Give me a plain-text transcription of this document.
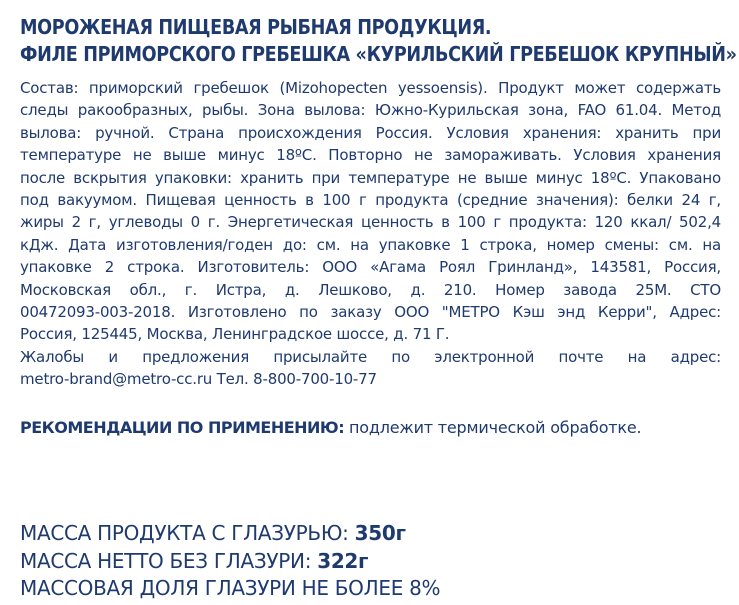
МОРОЖЕНАЯ ПИЩЕВАЯ РЫБНАЯ ПРОДУКЦИЯ.
ФИЛЕ ПРИМОРСКОГО ГРЕБЕШКА «КУРИЛЬСКИЙ ГРЕБЕШОК КРУПНЫЙ»
Состав: приморский гребешок (Mizohopecten yessoensis). Продукт может содержать
следы ракообразных, рыбы. Зона вылова: Южно-Курильская зона, FAO 61.04. Метод
вылова: ручной. Страна происхождения Россия. Условия хранения: хранить при
температуре не выше минус 18ºС. Повторно не замораживать. Условия хранения
после вскрытия упаковки: хранить при температуре не выше минус 18ºС. Упаковано
под вакуумом. Пищевая ценность в 100 г продукта (средние значения): белки 24 г,
жиры 2 г, углеводы 0 г. Энергетическая ценность в 100 г продукта: 120 ккал/ 502,4
кДж. Дата изготовления/годен до: см. на упаковке 1 строка, номер смены: см. на
упаковке 2 строка. Изготовитель: ООО «Агама Роял Гринланд», 143581, Россия,
Московская обл., г. Истра, д. Лешково, д. 210. Номер завода 25М. СТО
00472093-003-2018. Изготовлено по заказу ООО "МЕТРО Кэш энд Керри", Адрес:
Россия, 125445, Москва, Ленинградское шоссе, д. 71 Г.
Жалобы и предложения присылайте по электронной почте на адрес:
metro-brand@metro-cc.ru Тел. 8-800-700-10-77
РЕКОМЕНДАЦИИ ПО ПРИМЕНЕНИЮ: подлежит термической обработке.
МАССА ПРОДУКТА С ГЛАЗУРЬЮ: 350г
МАССА НЕТТО БЕЗ ГЛАЗУРИ: 322г
МАССОВАЯ ДОЛЯ ГЛАЗУРИ НЕ БОЛЕЕ 8%
